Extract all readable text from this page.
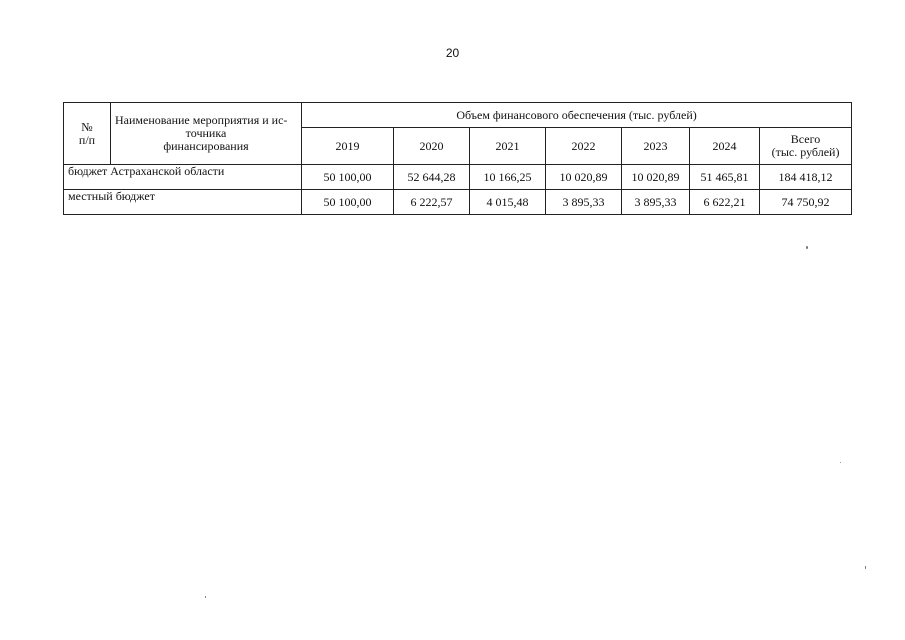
20
№
п/п	Наименование мероприятия и ис-
точника
финансирования	Объем финансового обеспечения (тыс. рублей)						
		2019	2020	2021	2022	2023	2024	Всего
(тыс. рублей)

бюджет Астраханской области		50 100,00	52 644,28	10 166,25	10 020,89	10 020,89	51 465,81	184 418,12
местный бюджет		50 100,00	6 222,57	4 015,48	3 895,33	3 895,33	6 622,21	74 750,92
